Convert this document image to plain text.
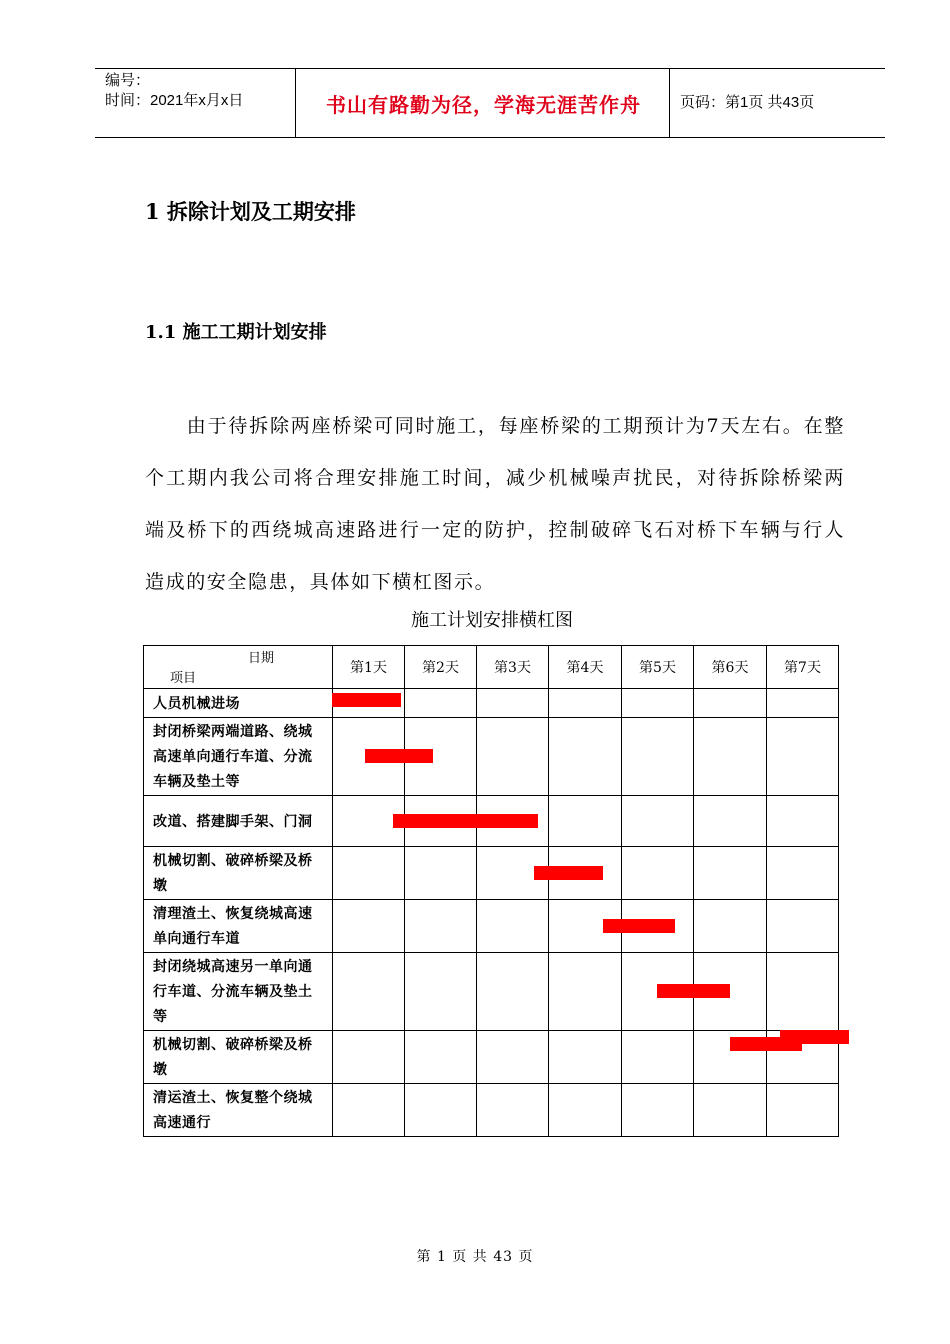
编号：
时间：2021年x月x日	书山有路勤为径，学海无涯苦作舟	页码：第1页 共43页
1 拆除计划及工期安排
1.1 施工工期计划安排

由于待拆除两座桥梁可同时施工，每座桥梁的工期预计为7天左右。在整个工期内我公司将合理安排施工时间，减少机械噪声扰民，对待拆除桥梁两端及桥下的西绕城高速路进行一定的防护，控制破碎飞石对桥下车辆与行人造成的安全隐患，具体如下横杠图示。

施工计划安排横杠图
日期
项目	第1天	第2天	第3天	第4天	第5天	第6天	第7天
人员机械进场							
封闭桥梁两端道路、绕城高速单向通行车道、分流车辆及垫土等							
改道、搭建脚手架、门洞							
机械切割、破碎桥梁及桥墩							
清理渣土、恢复绕城高速单向通行车道							
封闭绕城高速另一单向通行车道、分流车辆及垫土等							
机械切割、破碎桥梁及桥墩							
清运渣土、恢复整个绕城高速通行							
第 1 页 共 43 页
